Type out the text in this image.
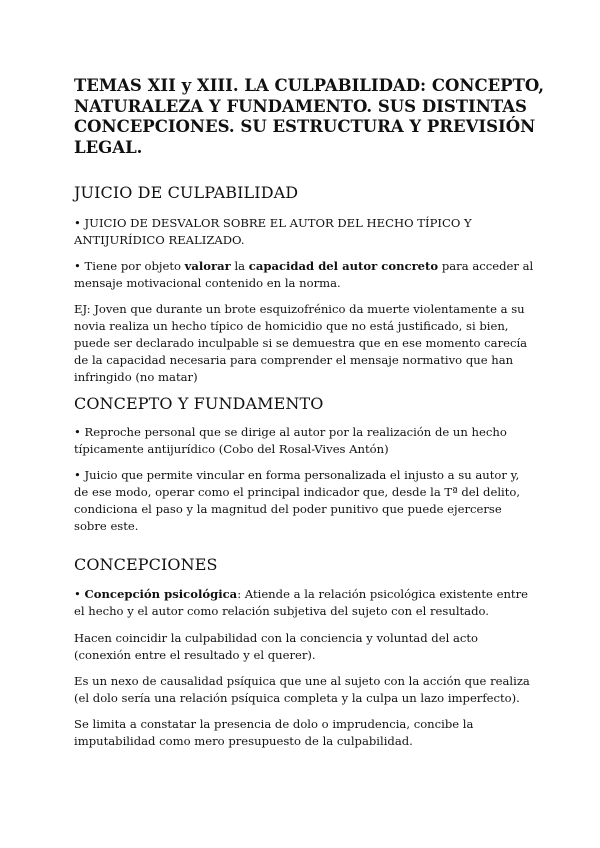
TEMAS XII y XIII. LA CULPABILIDAD: CONCEPTO, NATURALEZA Y FUNDAMENTO. SUS DISTINTAS CONCEPCIONES. SU ESTRUCTURA Y PREVISIÓN LEGAL.
JUICIO DE CULPABILIDAD

• JUICIO DE DESVALOR SOBRE EL AUTOR DEL HECHO TÍPICO Y ANTIJURÍDICO REALIZADO.

• Tiene por objeto valorar la capacidad del autor concreto para acceder al mensaje motivacional contenido en la norma.

EJ: Joven que durante un brote esquizofrénico da muerte violentamente a su novia realiza un hecho típico de homicidio que no está justificado, si bien, puede ser declarado inculpable si se demuestra que en ese momento carecía de la capacidad necesaria para comprender el mensaje normativo que han infringido (no matar)

CONCEPTO Y FUNDAMENTO

• Reproche personal que se dirige al autor por la realización de un hecho típicamente antijurídico (Cobo del Rosal-Vives Antón)

• Juicio que permite vincular en forma personalizada el injusto a su autor y, de ese modo, operar como el principal indicador que, desde la Tª del delito, condiciona el paso y la magnitud del poder punitivo que puede ejercerse sobre este.

CONCEPCIONES

• Concepción psicológica: Atiende a la relación psicológica existente entre el hecho y el autor como relación subjetiva del sujeto con el resultado.

Hacen coincidir la culpabilidad con la conciencia y voluntad del acto (conexión entre el resultado y el querer).

Es un nexo de causalidad psíquica que une al sujeto con la acción que realiza (el dolo sería una relación psíquica completa y la culpa un lazo imperfecto).

Se limita a constatar la presencia de dolo o imprudencia, concibe la imputabilidad como mero presupuesto de la culpabilidad.
